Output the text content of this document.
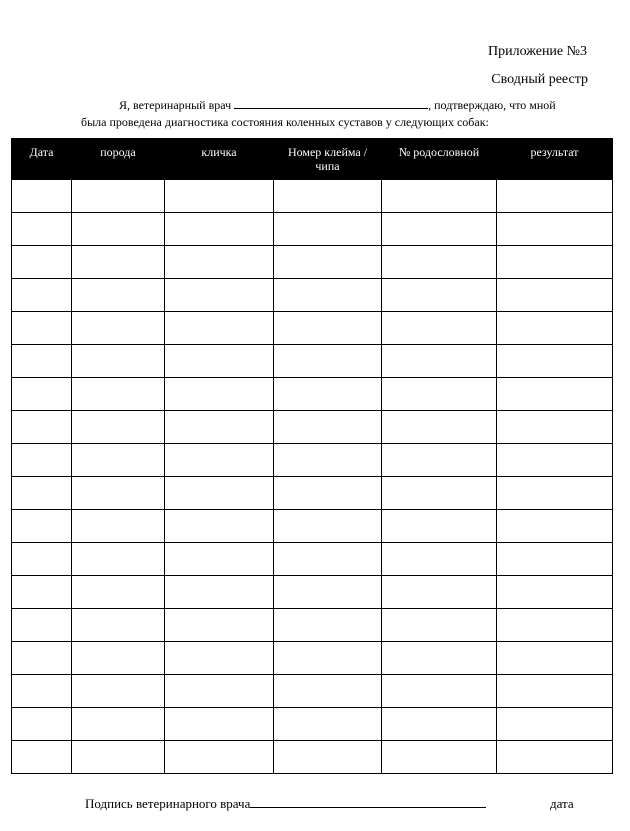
Приложение №3
Сводный реестр
Я, ветеринарный врач	, подтверждаю, что мной
была проведена диагностика состояния коленных суставов у следующих собак:
Дата	порода	кличка	Номер клейма / чипа	№ родословной	результат

Подпись ветеринарного врача	дата
